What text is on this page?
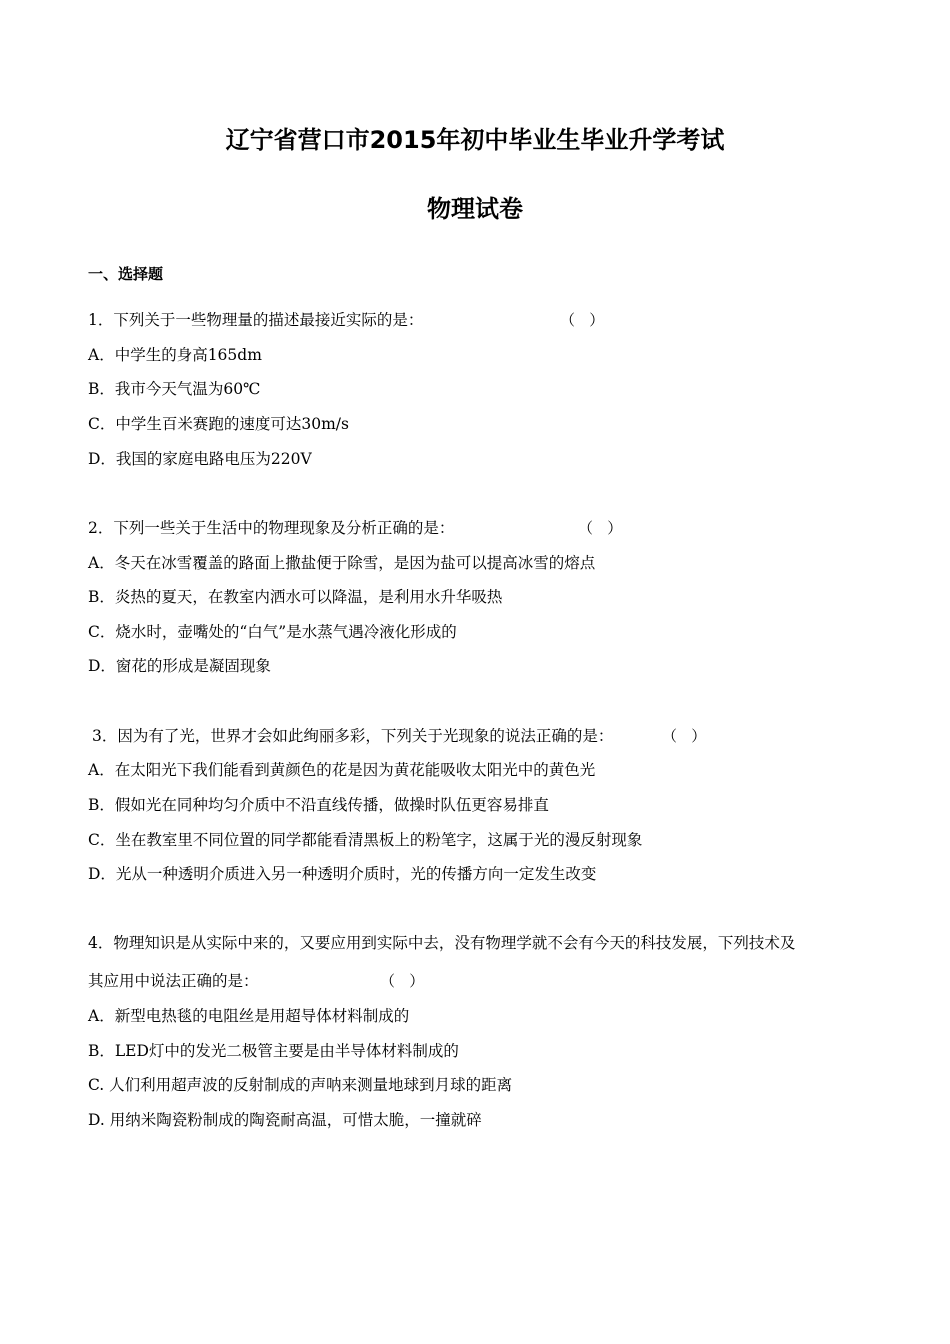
辽宁省营口市2015年初中毕业生毕业升学考试
物理试卷
一、选择题
1．下列关于一些物理量的描述最接近实际的是：	（   ）
A．中学生的身高165dm
B．我市今天气温为60℃
C．中学生百米赛跑的速度可达30m/s
D．我国的家庭电路电压为220V
2．下列一些关于生活中的物理现象及分析正确的是：	（   ）
A．冬天在冰雪覆盖的路面上撒盐便于除雪，是因为盐可以提高冰雪的熔点
B．炎热的夏天，在教室内洒水可以降温，是利用水升华吸热
C．烧水时，壶嘴处的“白气”是水蒸气遇冷液化形成的
D．窗花的形成是凝固现象
3．因为有了光，世界才会如此绚丽多彩，下列关于光现象的说法正确的是：	（   ）
A．在太阳光下我们能看到黄颜色的花是因为黄花能吸收太阳光中的黄色光
B．假如光在同种均匀介质中不沿直线传播，做操时队伍更容易排直
C．坐在教室里不同位置的同学都能看清黑板上的粉笔字，这属于光的漫反射现象
D．光从一种透明介质进入另一种透明介质时，光的传播方向一定发生改变
4．物理知识是从实际中来的，又要应用到实际中去，没有物理学就不会有今天的科技发展，下列技术及
其应用中说法正确的是：	（   ）
A．新型电热毯的电阻丝是用超导体材料制成的
B．LED灯中的发光二极管主要是由半导体材料制成的
C. 人们利用超声波的反射制成的声呐来测量地球到月球的距离
D. 用纳米陶瓷粉制成的陶瓷耐高温，可惜太脆，一撞就碎
